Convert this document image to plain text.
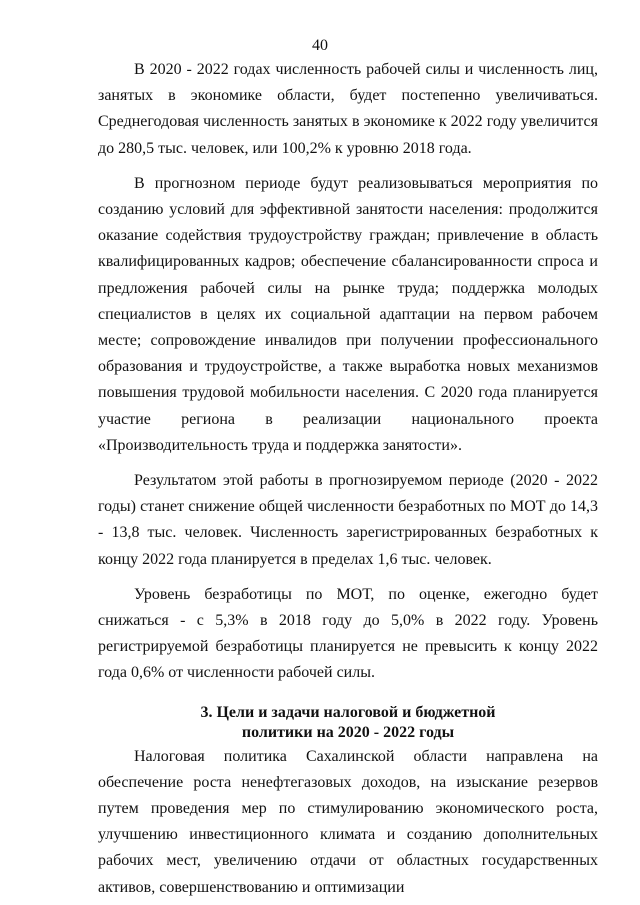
40

В 2020 - 2022 годах численность рабочей силы и численность лиц, занятых в экономике области, будет постепенно увеличиваться. Среднегодовая численность занятых в экономике к 2022 году увеличится до 280,5 тыс. человек, или 100,2% к уровню 2018 года.

В прогнозном периоде будут реализовываться мероприятия по созданию условий для эффективной занятости населения: продолжится оказание содействия трудоустройству граждан; привлечение в область квалифицированных кадров; обеспечение сбалансированности спроса и предложения рабочей силы на рынке труда; поддержка молодых специалистов в целях их социальной адаптации на первом рабочем месте; сопровождение инвалидов при получении профессионального образования и трудоустройстве, а также выработка новых механизмов повышения трудовой мобильности населения. С 2020 года планируется участие региона в реализации национального проекта «Производительность труда и поддержка занятости».

Результатом этой работы в прогнозируемом периоде (2020 - 2022 годы) станет снижение общей численности безработных по МОТ до 14,3 - 13,8 тыс. человек. Численность зарегистрированных безработных к концу 2022 года планируется в пределах 1,6 тыс. человек.

Уровень безработицы по МОТ, по оценке, ежегодно будет снижаться - с 5,3% в 2018 году до 5,0% в 2022 году. Уровень регистрируемой безработицы планируется не превысить к концу 2022 года 0,6% от численности рабочей силы.

3. Цели и задачи налоговой и бюджетной политики на 2020 - 2022 годы

Налоговая политика Сахалинской области направлена на обеспечение роста ненефтегазовых доходов, на изыскание резервов путем проведения мер по стимулированию экономического роста, улучшению инвестиционного климата и созданию дополнительных рабочих мест, увеличению отдачи от областных государственных активов, совершенствованию и оптимизации
